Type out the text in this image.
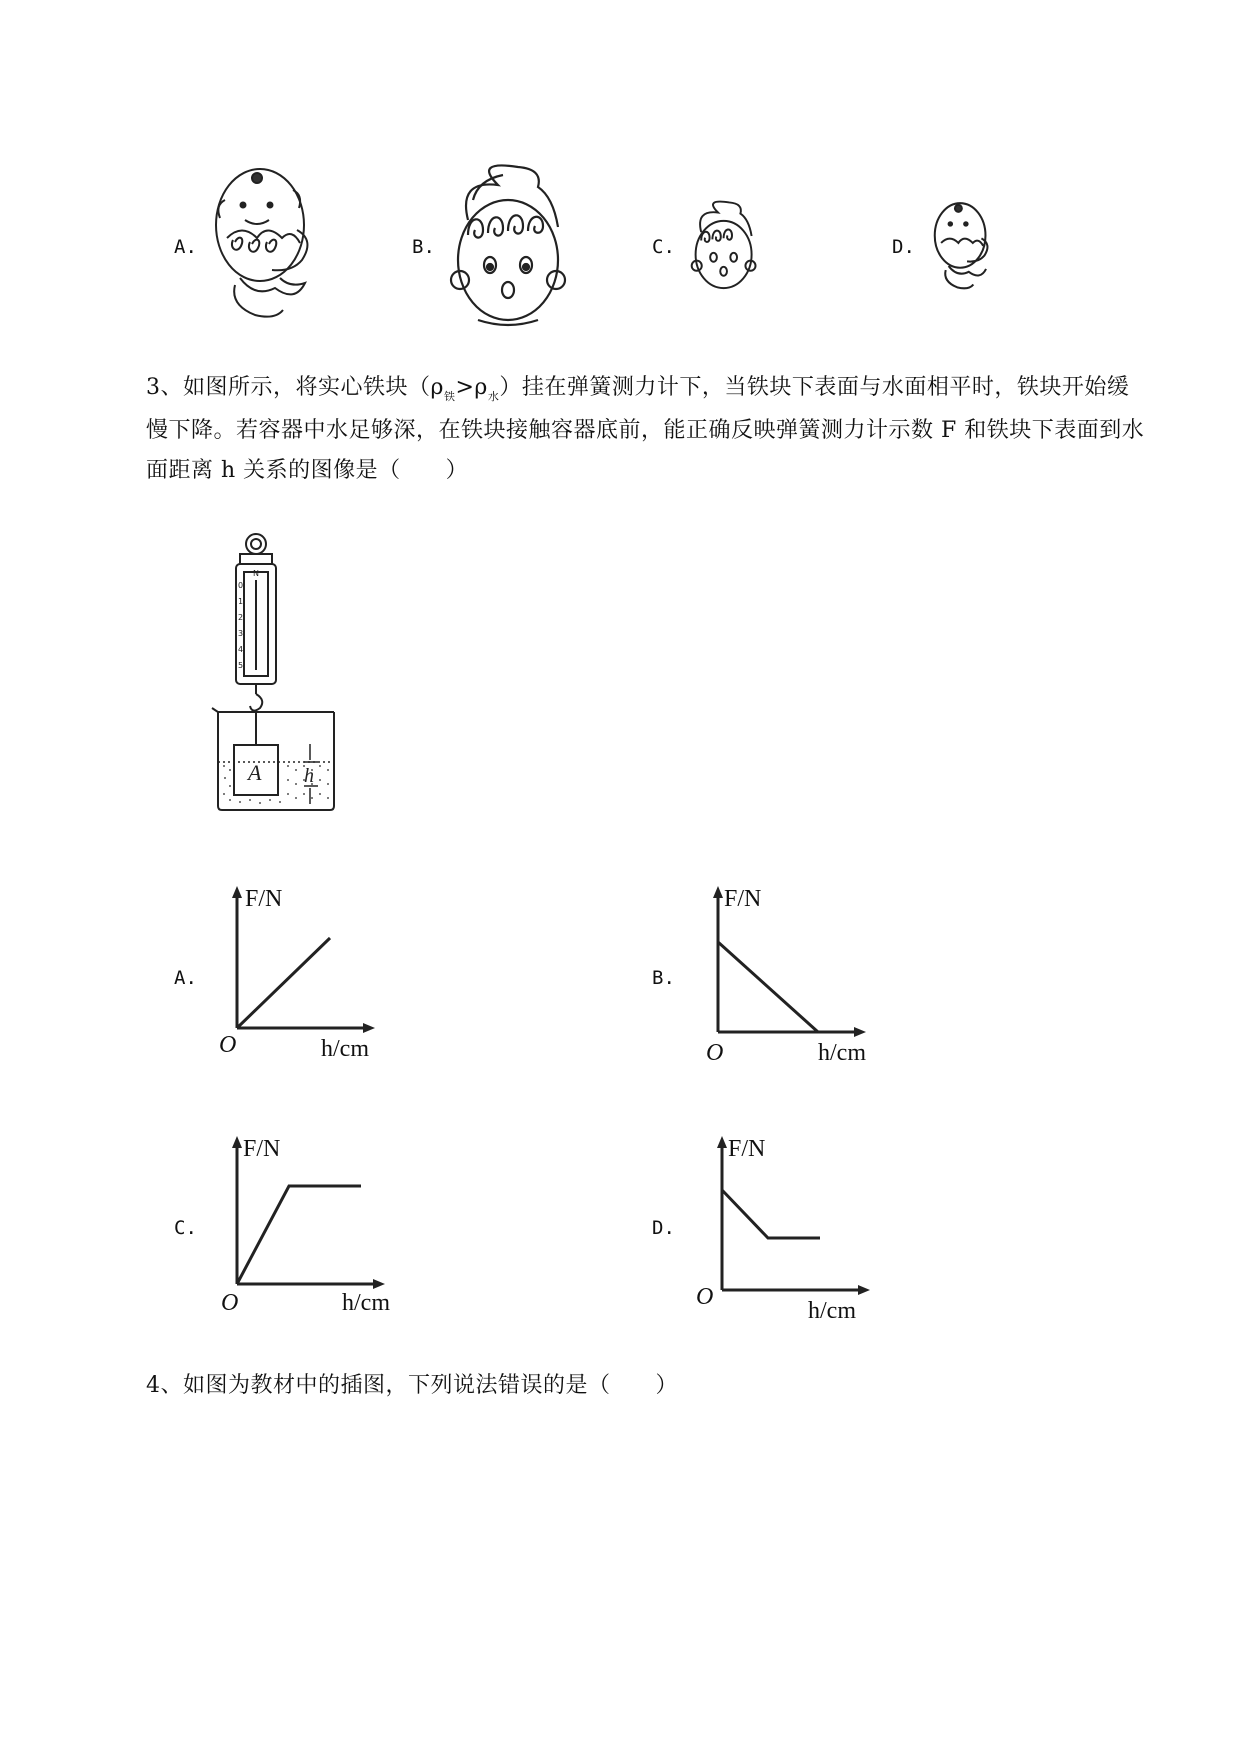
A.	B.	C.	D.
3、如图所示，将实心铁块$(\rho_铁>\rho_水)$挂在弹簧测力计下，当铁块下表面与水面相平时，铁块开始缓
慢下降。若容器中水足够深，在铁块接触容器底前，能正确反映弹簧测力计示数 F 和铁块下表面到水
面距离 h 关系的图像是（　　）
N
0
1
2
3
4
5
A h
A.
F/N
O	h/cm
B.
F/N
O	h/cm
C.
F/N
O	h/cm
D.
F/N
O
h/cm
4、如图为教材中的插图，下列说法错误的是（　　）
